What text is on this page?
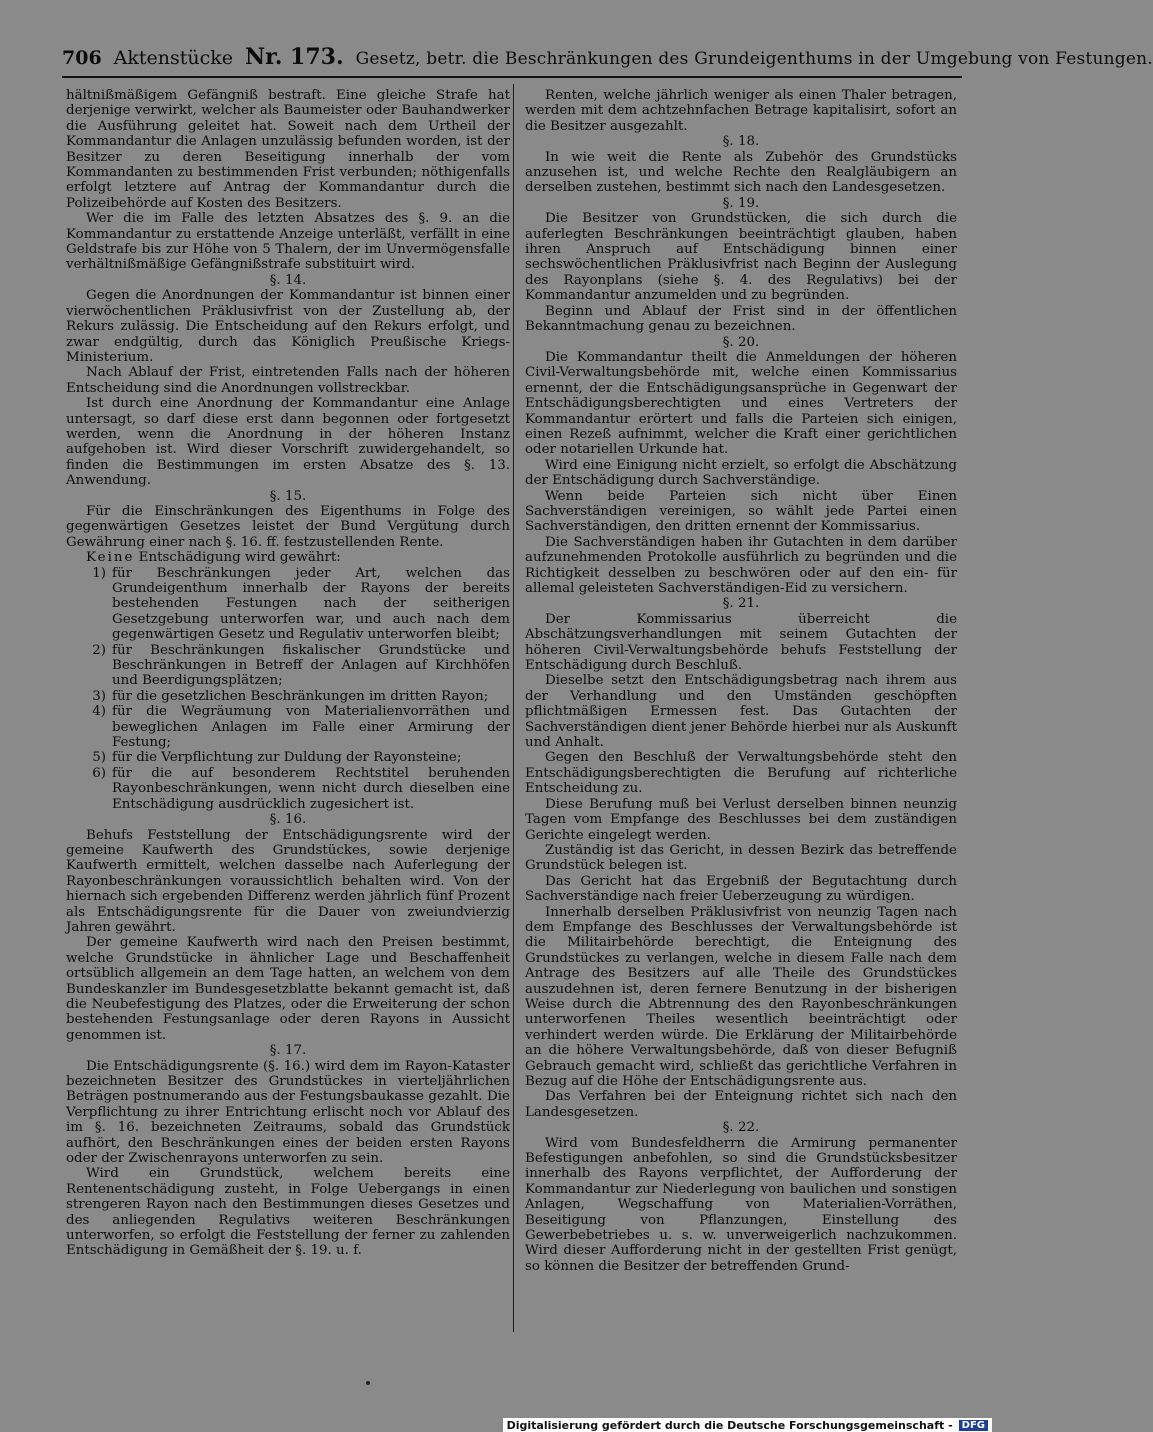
706 Aktenstücke Nr. 173. Gesetz, betr. die Beschränkungen des Grundeigenthums in der Umgebung von Festungen.

hältnißmäßigem Gefängniß bestraft. Eine gleiche Strafe hat derjenige verwirkt, welcher als Baumeister oder Bauhandwerker die Ausführung geleitet hat. Soweit nach dem Urtheil der Kommandantur die Anlagen unzulässig befunden worden, ist der Besitzer zu deren Beseitigung innerhalb der vom Kommandanten zu bestimmenden Frist verbunden; nöthigenfalls erfolgt letztere auf Antrag der Kommandantur durch die Polizeibehörde auf Kosten des Besitzers.

Wer die im Falle des letzten Absatzes des §. 9. an die Kommandantur zu erstattende Anzeige unterläßt, verfällt in eine Geldstrafe bis zur Höhe von 5 Thalern, der im Unvermögensfalle verhältnißmäßige Gefängnißstrafe substituirt wird.

§. 14.

Gegen die Anordnungen der Kommandantur ist binnen einer vierwöchentlichen Präklusivfrist von der Zustellung ab, der Rekurs zulässig. Die Entscheidung auf den Rekurs erfolgt, und zwar endgültig, durch das Königlich Preußische Kriegs-Ministerium.

Nach Ablauf der Frist, eintretenden Falls nach der höheren Entscheidung sind die Anordnungen vollstreckbar.

Ist durch eine Anordnung der Kommandantur eine Anlage untersagt, so darf diese erst dann begonnen oder fortgesetzt werden, wenn die Anordnung in der höheren Instanz aufgehoben ist. Wird dieser Vorschrift zuwidergehandelt, so finden die Bestimmungen im ersten Absatze des §. 13. Anwendung.

§. 15.

Für die Einschränkungen des Eigenthums in Folge des gegenwärtigen Gesetzes leistet der Bund Vergütung durch Gewährung einer nach §. 16. ff. festzustellenden Rente.

Keine Entschädigung wird gewährt:

1) für Beschränkungen jeder Art, welchen das Grundeigenthum innerhalb der Rayons der bereits bestehenden Festungen nach der seitherigen Gesetzgebung unterworfen war, und auch nach dem gegenwärtigen Gesetz und Regulativ unterworfen bleibt;
2) für Beschränkungen fiskalischer Grundstücke und Beschränkungen in Betreff der Anlagen auf Kirchhöfen und Beerdigungsplätzen;
3) für die gesetzlichen Beschränkungen im dritten Rayon;
4) für die Wegräumung von Materialienvorräthen und beweglichen Anlagen im Falle einer Armirung der Festung;
5) für die Verpflichtung zur Duldung der Rayonsteine;
6) für die auf besonderem Rechtstitel beruhenden Rayonbeschränkungen, wenn nicht durch dieselben eine Entschädigung ausdrücklich zugesichert ist.

§. 16.

Behufs Feststellung der Entschädigungsrente wird der gemeine Kaufwerth des Grundstückes, sowie derjenige Kaufwerth ermittelt, welchen dasselbe nach Auferlegung der Rayonbeschränkungen voraussichtlich behalten wird. Von der hiernach sich ergebenden Differenz werden jährlich fünf Prozent als Entschädigungsrente für die Dauer von zweiundvierzig Jahren gewährt.

Der gemeine Kaufwerth wird nach den Preisen bestimmt, welche Grundstücke in ähnlicher Lage und Beschaffenheit ortsüblich allgemein an dem Tage hatten, an welchem von dem Bundeskanzler im Bundesgesetzblatte bekannt gemacht ist, daß die Neubefestigung des Platzes, oder die Erweiterung der schon bestehenden Festungsanlage oder deren Rayons in Aussicht genommen ist.

§. 17.

Die Entschädigungsrente (§. 16.) wird dem im Rayon-Kataster bezeichneten Besitzer des Grundstückes in vierteljährlichen Beträgen postnumerando aus der Festungsbaukasse gezahlt. Die Verpflichtung zu ihrer Entrichtung erlischt noch vor Ablauf des im §. 16. bezeichneten Zeitraums, sobald das Grundstück aufhört, den Beschränkungen eines der beiden ersten Rayons oder der Zwischenrayons unterworfen zu sein.

Wird ein Grundstück, welchem bereits eine Rentenentschädigung zusteht, in Folge Uebergangs in einen strengeren Rayon nach den Bestimmungen dieses Gesetzes und des anliegenden Regulativs weiteren Beschränkungen unterworfen, so erfolgt die Feststellung der ferner zu zahlenden Entschädigung in Gemäßheit der §. 19. u. f.

Renten, welche jährlich weniger als einen Thaler betragen, werden mit dem achtzehnfachen Betrage kapitalisirt, sofort an die Besitzer ausgezahlt.

§. 18.

In wie weit die Rente als Zubehör des Grundstücks anzusehen ist, und welche Rechte den Realgläubigern an derselben zustehen, bestimmt sich nach den Landesgesetzen.

§. 19.

Die Besitzer von Grundstücken, die sich durch die auferlegten Beschränkungen beeinträchtigt glauben, haben ihren Anspruch auf Entschädigung binnen einer sechswöchentlichen Präklusivfrist nach Beginn der Auslegung des Rayonplans (siehe §. 4. des Regulativs) bei der Kommandantur anzumelden und zu begründen.

Beginn und Ablauf der Frist sind in der öffentlichen Bekanntmachung genau zu bezeichnen.

§. 20.

Die Kommandantur theilt die Anmeldungen der höheren Civil-Verwaltungsbehörde mit, welche einen Kommissarius ernennt, der die Entschädigungsansprüche in Gegenwart der Entschädigungsberechtigten und eines Vertreters der Kommandantur erörtert und falls die Parteien sich einigen, einen Rezeß aufnimmt, welcher die Kraft einer gerichtlichen oder notariellen Urkunde hat.

Wird eine Einigung nicht erzielt, so erfolgt die Abschätzung der Entschädigung durch Sachverständige.

Wenn beide Parteien sich nicht über Einen Sachverständigen vereinigen, so wählt jede Partei einen Sachverständigen, den dritten ernennt der Kommissarius.

Die Sachverständigen haben ihr Gutachten in dem darüber aufzunehmenden Protokolle ausführlich zu begründen und die Richtigkeit desselben zu beschwören oder auf den ein- für allemal geleisteten Sachverständigen-Eid zu versichern.

§. 21.

Der Kommissarius überreicht die Abschätzungsverhandlungen mit seinem Gutachten der höheren Civil-Verwaltungsbehörde behufs Feststellung der Entschädigung durch Beschluß.

Dieselbe setzt den Entschädigungsbetrag nach ihrem aus der Verhandlung und den Umständen geschöpften pflichtmäßigen Ermessen fest. Das Gutachten der Sachverständigen dient jener Behörde hierbei nur als Auskunft und Anhalt.

Gegen den Beschluß der Verwaltungsbehörde steht den Entschädigungsberechtigten die Berufung auf richterliche Entscheidung zu.

Diese Berufung muß bei Verlust derselben binnen neunzig Tagen vom Empfange des Beschlusses bei dem zuständigen Gerichte eingelegt werden.

Zuständig ist das Gericht, in dessen Bezirk das betreffende Grundstück belegen ist.

Das Gericht hat das Ergebniß der Begutachtung durch Sachverständige nach freier Ueberzeugung zu würdigen.

Innerhalb derselben Präklusivfrist von neunzig Tagen nach dem Empfange des Beschlusses der Verwaltungsbehörde ist die Militairbehörde berechtigt, die Enteignung des Grundstückes zu verlangen, welche in diesem Falle nach dem Antrage des Besitzers auf alle Theile des Grundstückes auszudehnen ist, deren fernere Benutzung in der bisherigen Weise durch die Abtrennung des den Rayonbeschränkungen unterworfenen Theiles wesentlich beeinträchtigt oder verhindert werden würde. Die Erklärung der Militairbehörde an die höhere Verwaltungsbehörde, daß von dieser Befugniß Gebrauch gemacht wird, schließt das gerichtliche Verfahren in Bezug auf die Höhe der Entschädigungsrente aus.

Das Verfahren bei der Enteignung richtet sich nach den Landesgesetzen.

§. 22.

Wird vom Bundesfeldherrn die Armirung permanenter Befestigungen anbefohlen, so sind die Grundstücksbesitzer innerhalb des Rayons verpflichtet, der Aufforderung der Kommandantur zur Niederlegung von baulichen und sonstigen Anlagen, Wegschaffung von Materialien-Vorräthen, Beseitigung von Pflanzungen, Einstellung des Gewerbebetriebes u. s. w. unverweigerlich nachzukommen. Wird dieser Aufforderung nicht in der gestellten Frist genügt, so können die Besitzer der betreffenden Grund-

Digitalisierung gefördert durch die Deutsche Forschungsgemeinschaft - DFG
